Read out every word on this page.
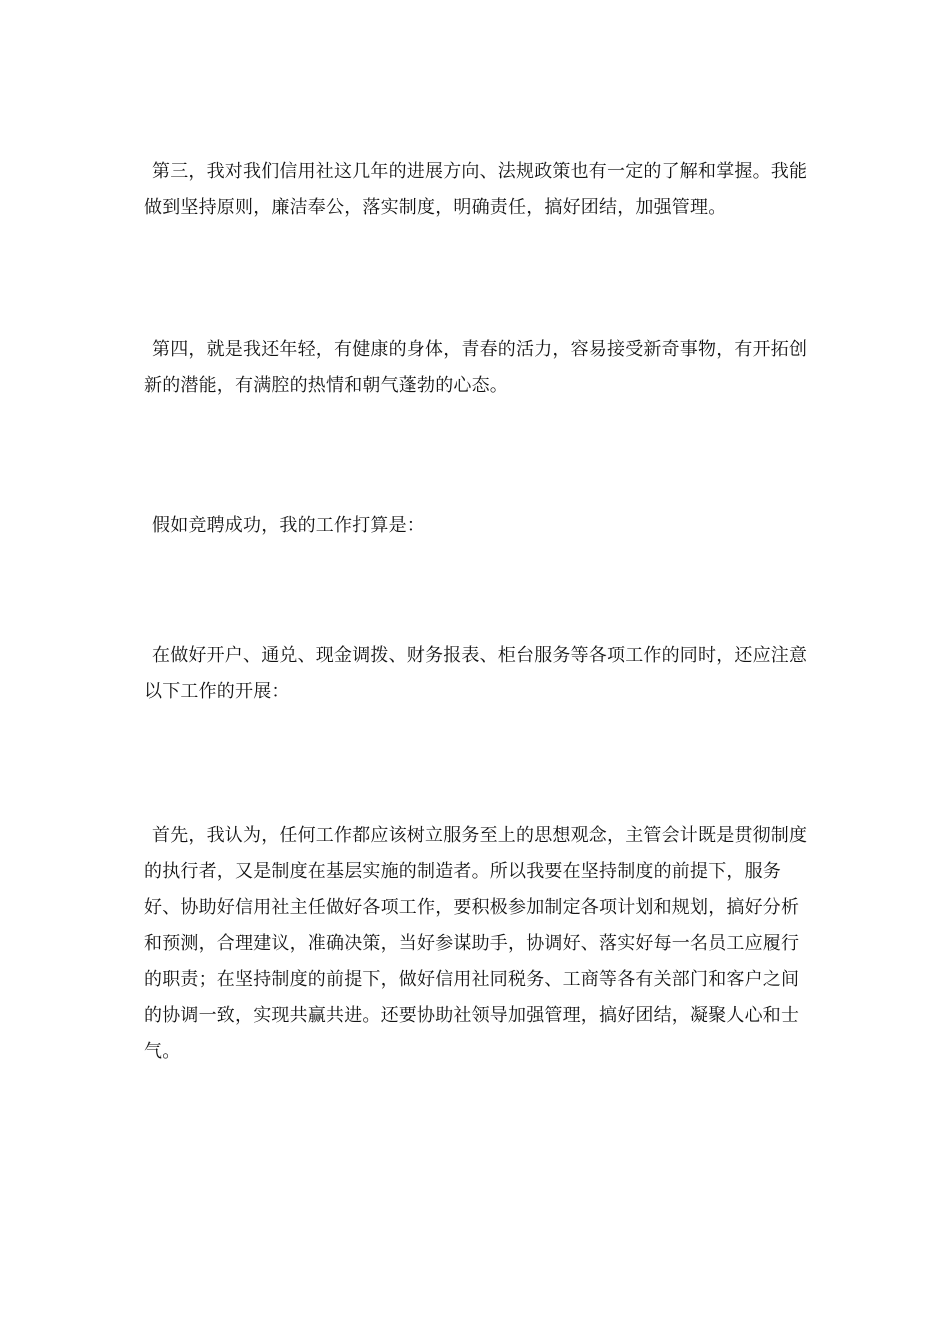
第三，我对我们信用社这几年的进展方向、法规政策也有一定的了解和掌握。我能做到坚持原则，廉洁奉公，落实制度，明确责任，搞好团结，加强管理。

第四，就是我还年轻，有健康的身体，青春的活力，容易接受新奇事物，有开拓创新的潜能，有满腔的热情和朝气蓬勃的心态。

假如竞聘成功，我的工作打算是：

在做好开户、通兑、现金调拨、财务报表、柜台服务等各项工作的同时，还应注意以下工作的开展：

首先，我认为，任何工作都应该树立服务至上的思想观念，主管会计既是贯彻制度的执行者，又是制度在基层实施的制造者。所以我要在坚持制度的前提下，服务好、协助好信用社主任做好各项工作，要积极参加制定各项计划和规划，搞好分析和预测，合理建议，准确决策，当好参谋助手，协调好、落实好每一名员工应履行的职责；在坚持制度的前提下，做好信用社同税务、工商等各有关部门和客户之间的协调一致，实现共赢共进。还要协助社领导加强管理，搞好团结，凝聚人心和士气。
